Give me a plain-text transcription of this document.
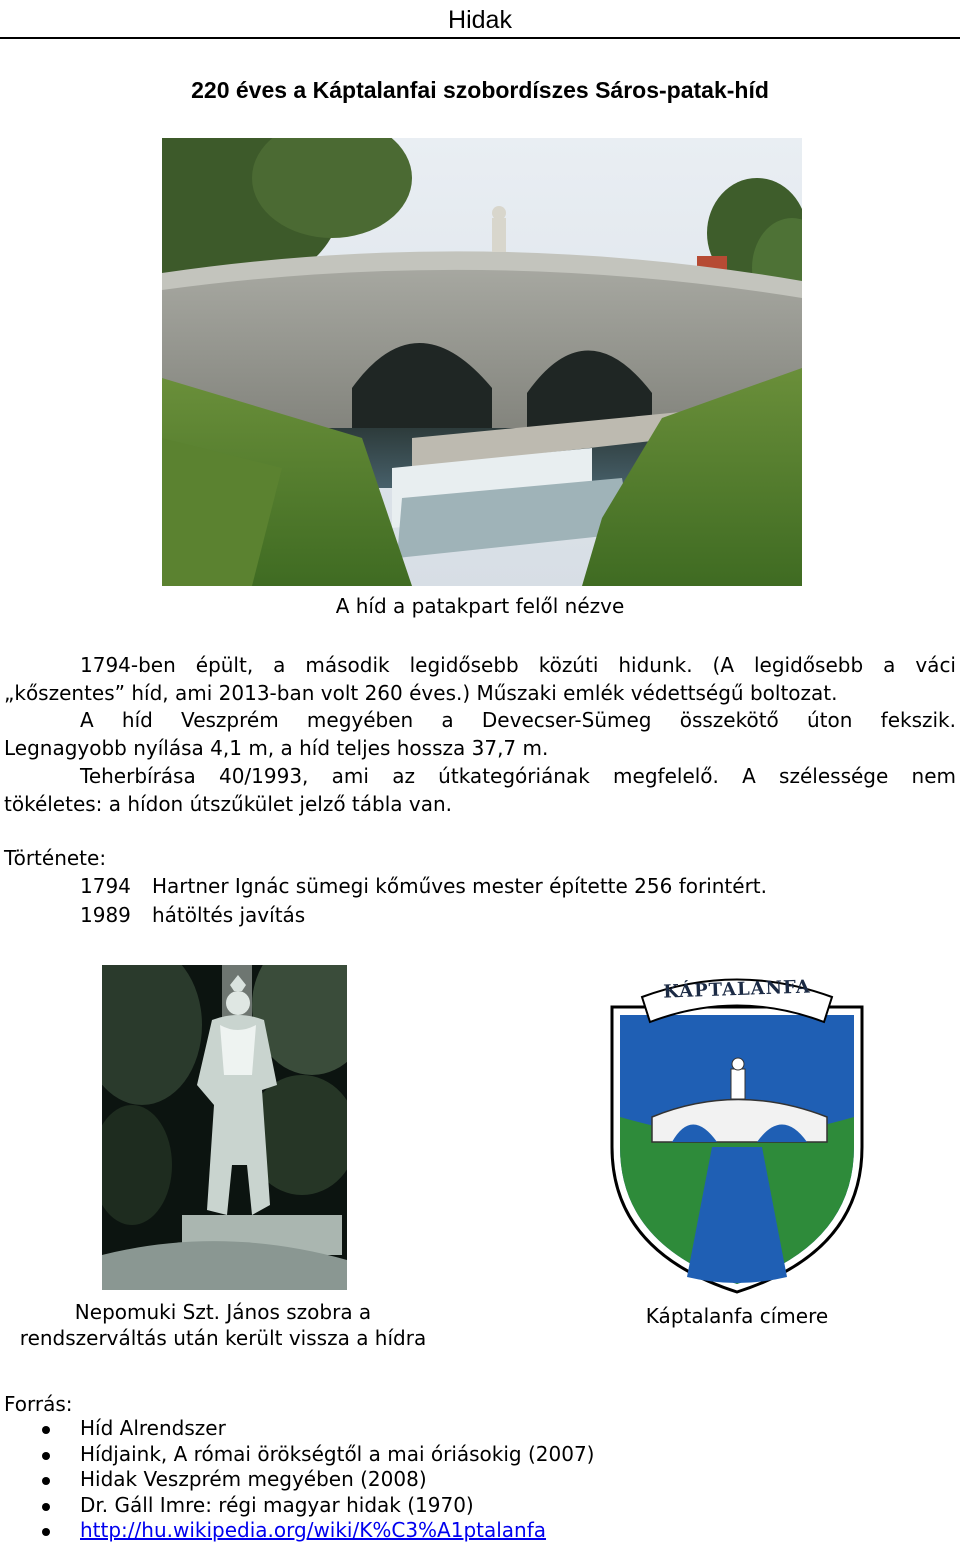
Hidak
220 éves a Káptalanfai szobordíszes Sáros-patak-híd
A híd a patakpart felől nézve
1794-ben épült, a második legidősebb közúti hidunk. (A legidősebb a váci
„kőszentes” híd, ami 2013-ban volt 260 éves.) Műszaki emlék védettségű boltozat.
A híd Veszprém megyében a Devecser-Sümeg összekötő úton fekszik.
Legnagyobb nyílása 4,1 m, a híd teljes hossza 37,7 m.
Teherbírása 40/1993, ami az útkategóriának megfelelő. A szélessége nem
tökéletes: a hídon útszűkület jelző tábla van.
Története:
1794 Hartner Ignác sümegi kőműves mester építette 256 forintért.
1989 hátöltés javítás
Nepomuki Szt. János szobra a
rendszerváltás után került vissza a hídra
KÁPTALANFA
Káptalanfa címere
Forrás:
Híd Alrendszer
Hídjaink, A római örökségtől a mai óriásokig (2007)
Hidak Veszprém megyében (2008)
Dr. Gáll Imre: régi magyar hidak (1970)
http://hu.wikipedia.org/wiki/K%C3%A1ptalanfa
